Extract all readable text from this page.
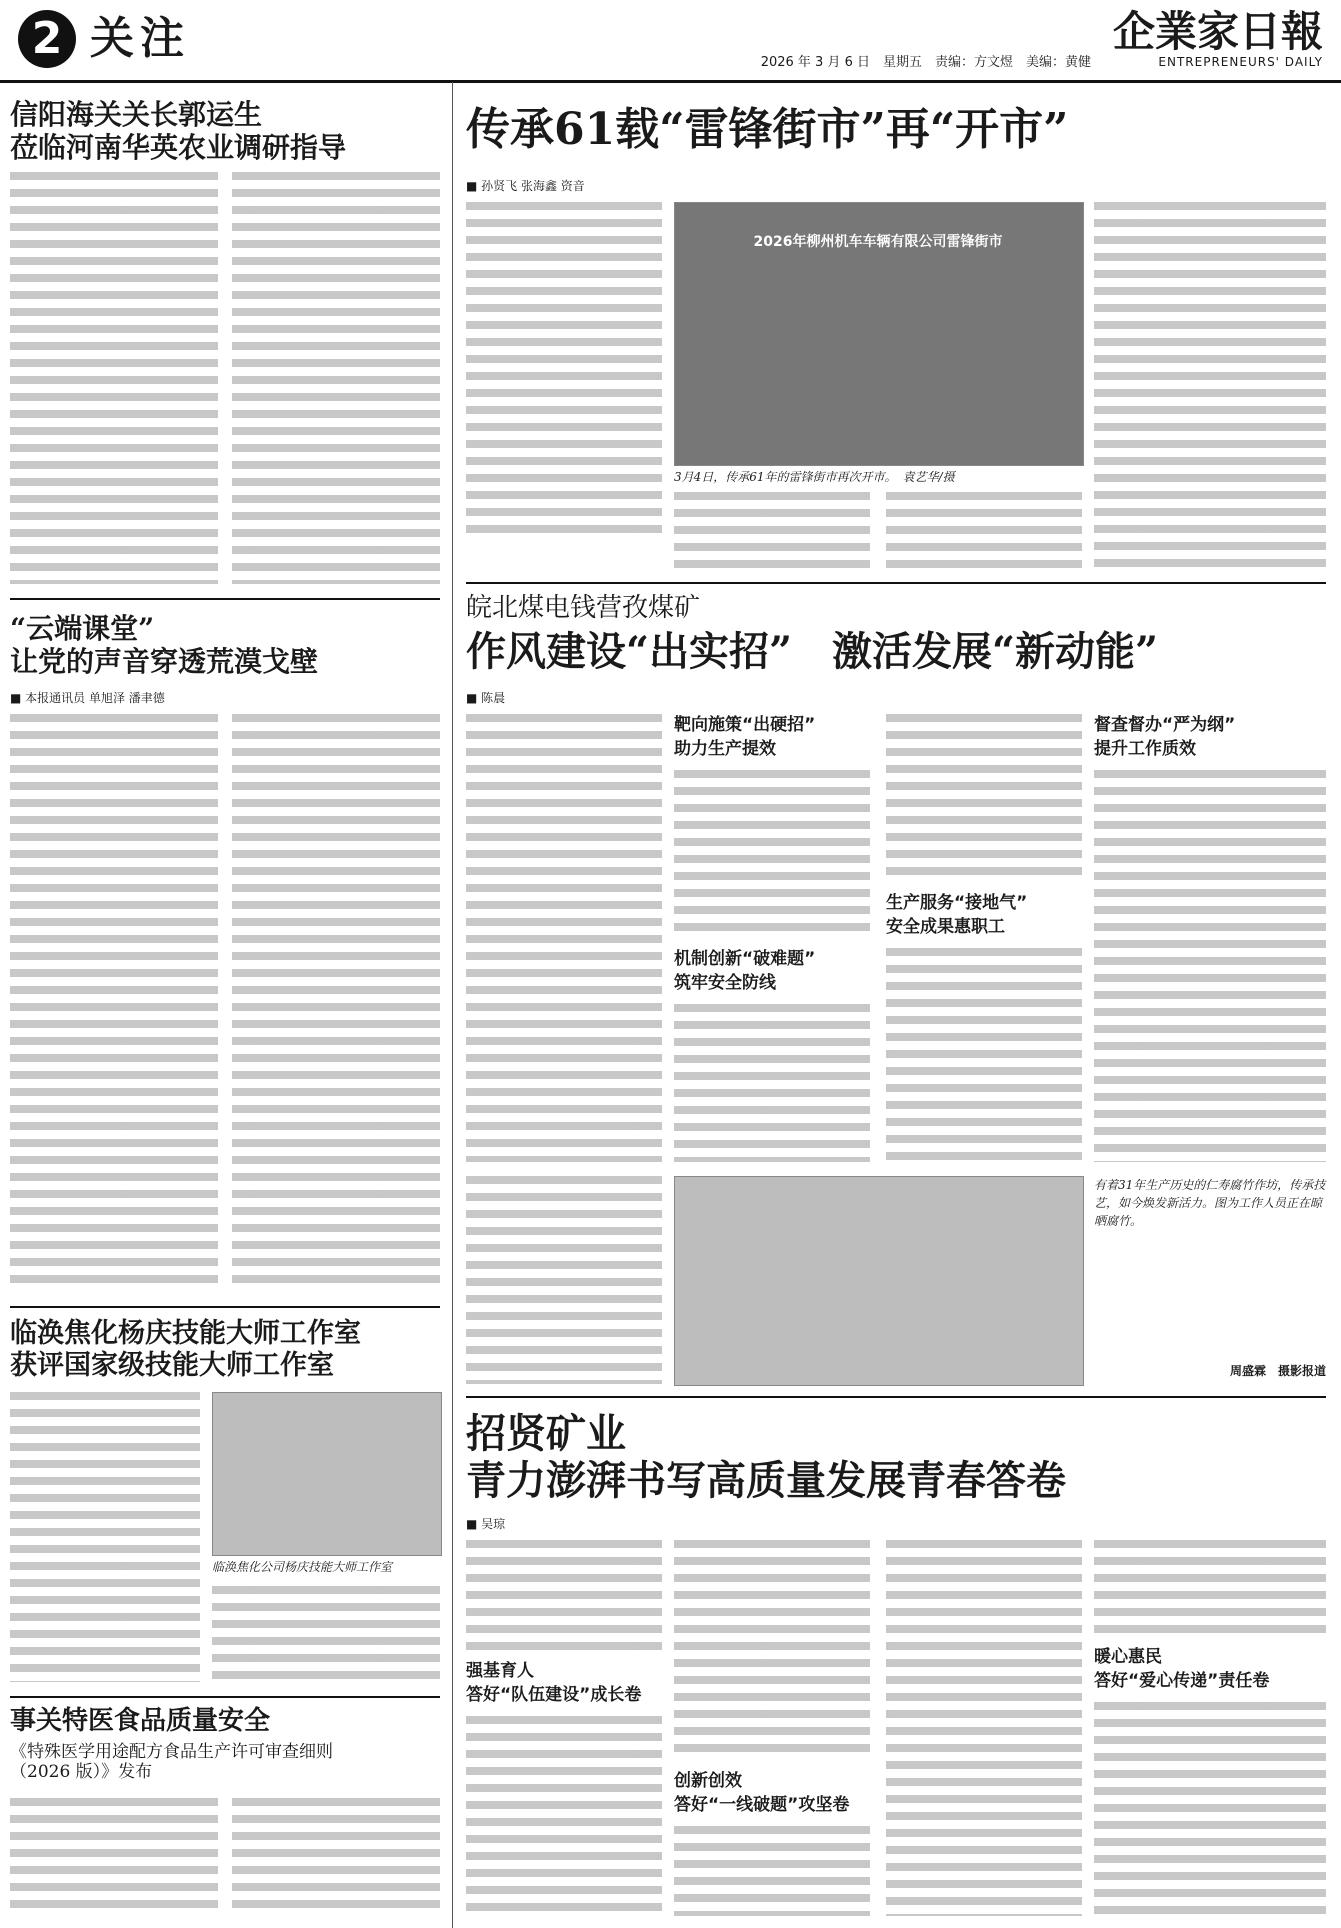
2 关注	2026 年 3 月 6 日　星期五　责编：方文煜　美编：黄健
企業家日報
ENTREPRENEURS' DAILY
信阳海关关长郭运生
莅临河南华英农业调研指导
“云端课堂”
让党的声音穿透荒漠戈壁
■ 本报通讯员 单旭泽 潘聿德
临涣焦化杨庆技能大师工作室
获评国家级技能大师工作室
临涣焦化公司杨庆技能大师工作室
事关特医食品质量安全
《特殊医学用途配方食品生产许可审查细则
（2026 版）》发布
传承61载“雷锋街市”再“开市”
■ 孙贤飞 张海鑫 资音
2026年柳州机车车辆有限公司雷锋街市
3月4日，传承61年的雷锋街市再次开市。　袁艺华/摄
皖北煤电钱营孜煤矿
作风建设“出实招”　激活发展“新动能”
■ 陈晨
靶向施策“出硬招”
助力生产提效
机制创新“破难题”
筑牢安全防线
生产服务“接地气”
安全成果惠职工
督查督办“严为纲”
提升工作质效
有着31年生产历史的仁寿腐竹作坊，传承技艺，如今焕发新活力。图为工作人员正在晾晒腐竹。
周盛霖　摄影报道
招贤矿业
青力澎湃书写高质量发展青春答卷
■ 吴琼
强基育人
答好“队伍建设”成长卷
创新创效
答好“一线破题”攻坚卷
暖心惠民
答好“爱心传递”责任卷
